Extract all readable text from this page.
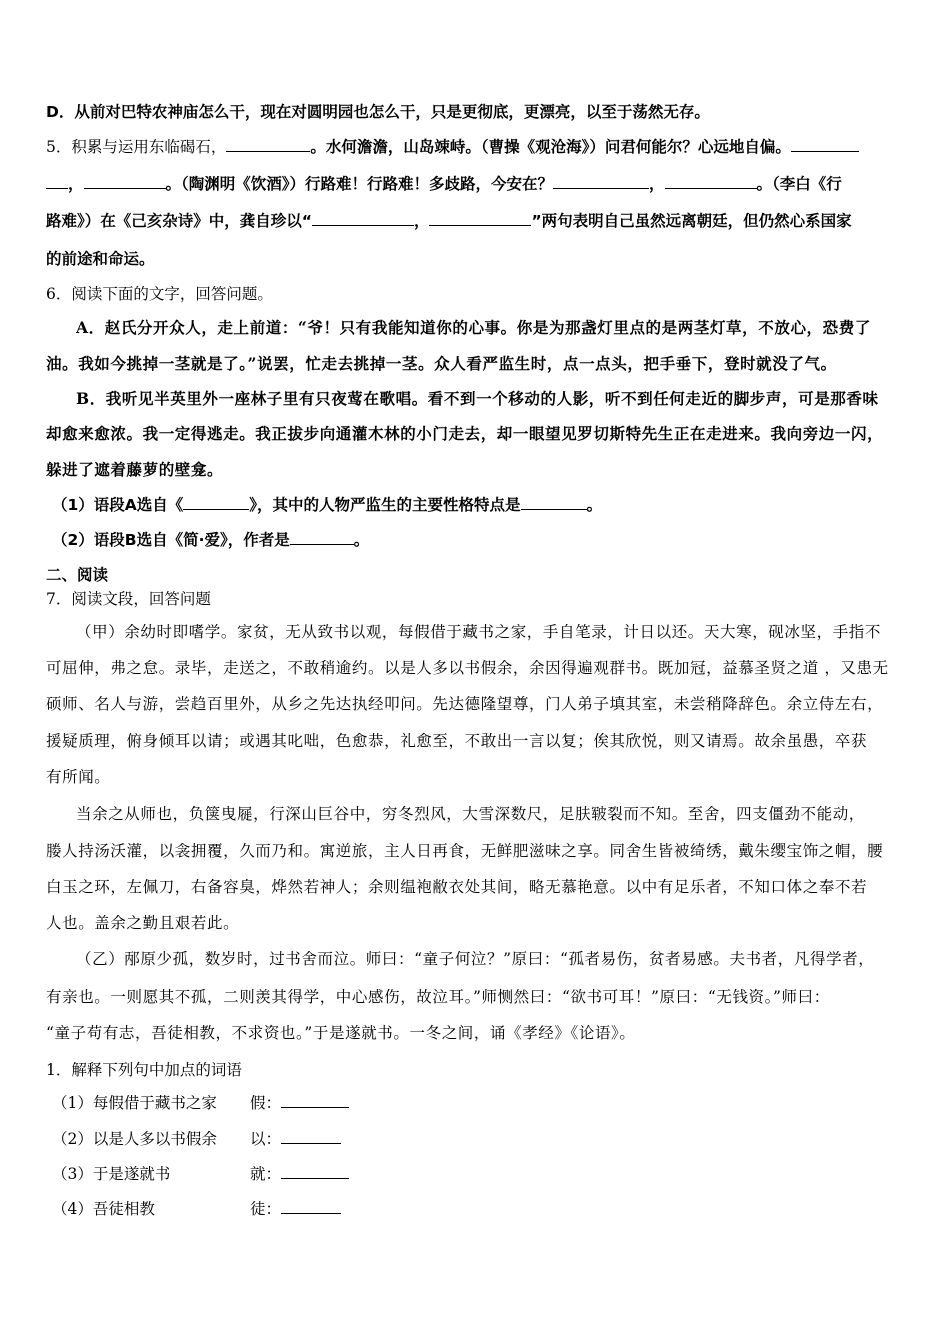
D．从前对巴特农神庙怎么干，现在对圆明园也怎么干，只是更彻底，更漂亮，以至于荡然无存。
5．积累与运用东临碣石，	。水何澹澹，山岛竦峙。（曹操《观沧海》）问君何能尔？心远地自偏。
，	。（陶渊明《饮酒》）行路难！行路难！多歧路，今安在？	，	。（李白《行
路难》）在《己亥杂诗》中，龚自珍以“	，	”两句表明自己虽然远离朝廷，但仍然心系国家
的前途和命运。
6．阅读下面的文字，回答问题。
A．赵氏分开众人，走上前道：“爷！只有我能知道你的心事。你是为那盏灯里点的是两茎灯草，不放心，恐费了
油。我如今挑掉一茎就是了。”说罢，忙走去挑掉一茎。众人看严监生时，点一点头，把手垂下，登时就没了气。
B．我听见半英里外一座林子里有只夜莺在歌唱。看不到一个移动的人影，听不到任何走近的脚步声，可是那香味
却愈来愈浓。我一定得逃走。我正拔步向通灌木林的小门走去，却一眼望见罗切斯特先生正在走进来。我向旁边一闪，
躲进了遮着藤萝的壁龛。
（1）语段A选自《	》，其中的人物严监生的主要性格特点是	。
（2）语段B选自《简·爱》，作者是	。
二、阅读
7．阅读文段，回答问题
（甲）余幼时即嗜学。家贫，无从致书以观，每假借于藏书之家，手自笔录，计日以还。天大寒，砚冰坚，手指不
可屈伸，弗之怠。录毕，走送之，不敢稍逾约。以是人多以书假余，余因得遍观群书。既加冠，益慕圣贤之道 ，又患无
硕师、名人与游，尝趋百里外，从乡之先达执经叩问。先达德隆望尊，门人弟子填其室，未尝稍降辞色。余立侍左右，
援疑质理，俯身倾耳以请；或遇其叱咄，色愈恭，礼愈至，不敢出一言以复；俟其欣悦，则又请焉。故余虽愚，卒获
有所闻。
当余之从师也，负箧曳屣，行深山巨谷中，穷冬烈风，大雪深数尺，足肤皲裂而不知。至舍，四支僵劲不能动，
媵人持汤沃灌，以衾拥覆，久而乃和。寓逆旅，主人日再食，无鲜肥滋味之享。同舍生皆被绮绣，戴朱缨宝饰之帽，腰
白玉之环，左佩刀，右备容臭，烨然若神人；余则缊袍敝衣处其间，略无慕艳意。以中有足乐者，不知口体之奉不若
人也。盖余之勤且艰若此。
（乙）邴原少孤，数岁时，过书舍而泣。师曰：“童子何泣？”原曰：“孤者易伤，贫者易感。夫书者，凡得学者，
有亲也。一则愿其不孤，二则羡其得学，中心感伤，故泣耳。”师恻然曰：“欲书可耳！”原曰：“无钱资。”师曰：
“童子苟有志，吾徒相教，不求资也。”于是遂就书。一冬之间，诵《孝经》《论语》。
1．解释下列句中加点的词语
（1）每假借于藏书之家 假：
（2）以是人多以书假余 以：
（3）于是遂就书	就：
（4）吾徒相教	徒：
